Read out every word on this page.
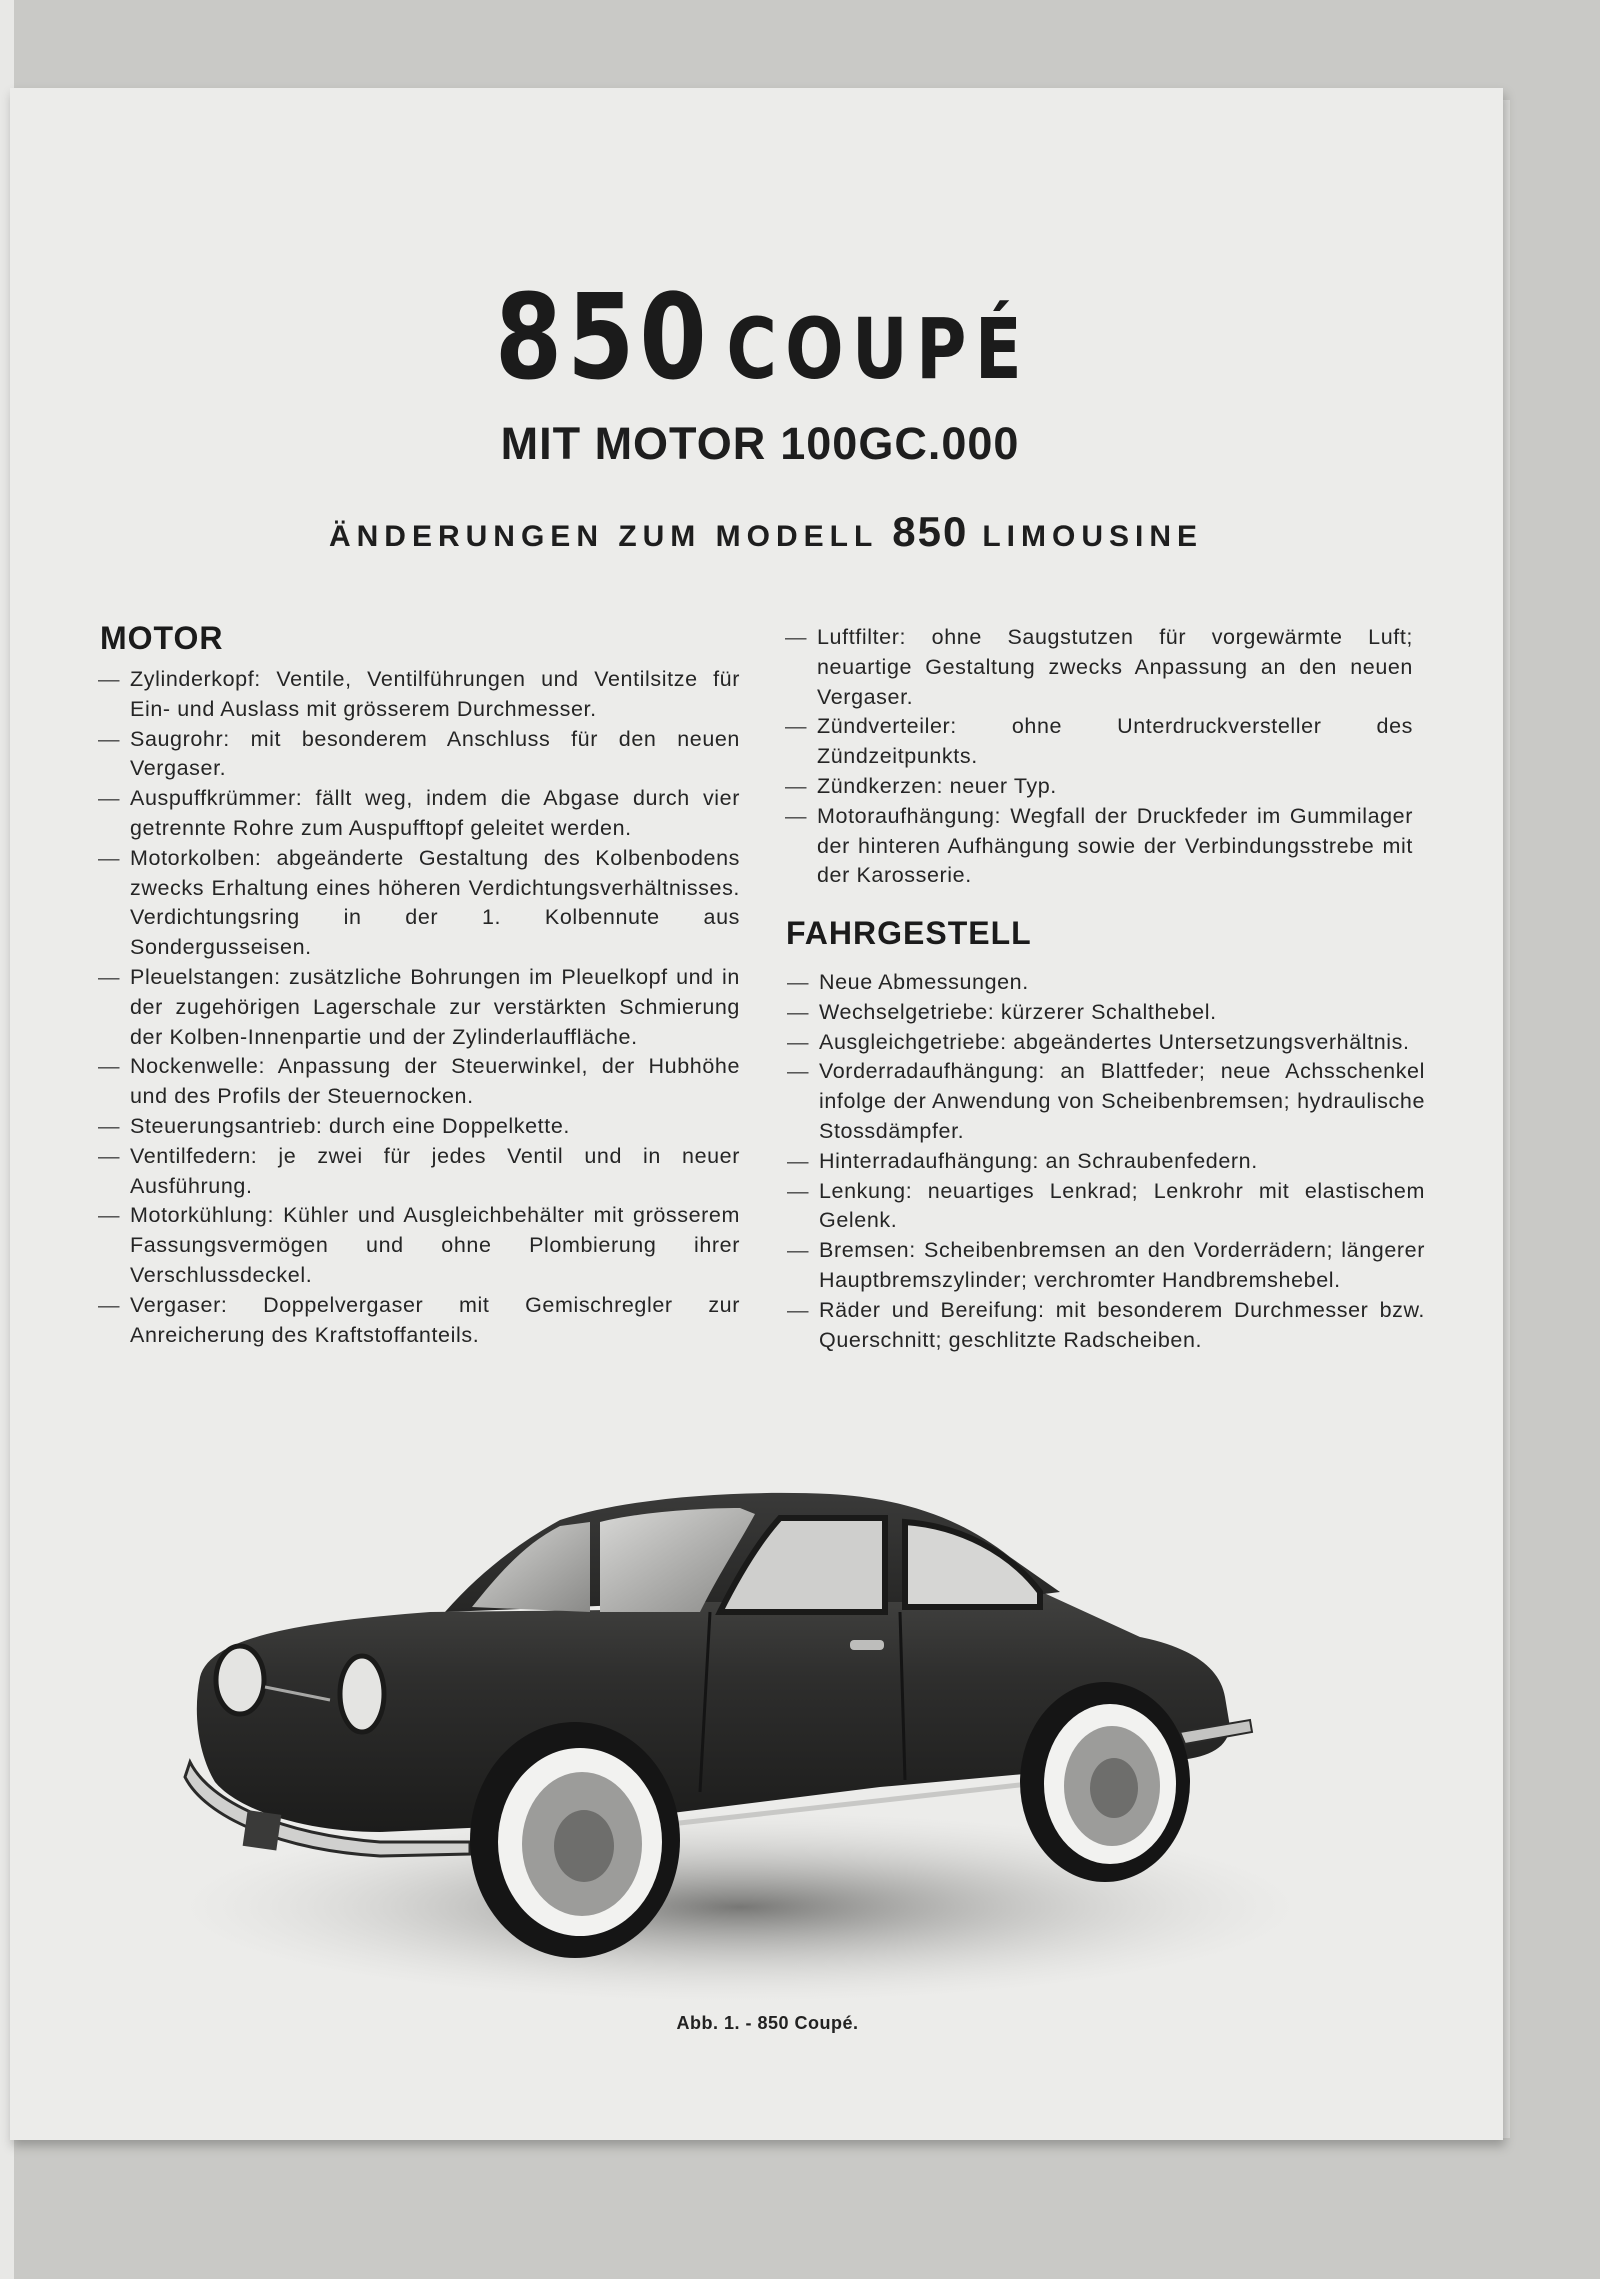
850 COUPÉ
MIT MOTOR 100GC.000
ÄNDERUNGEN ZUM MODELL 850 LIMOUSINE
MOTOR
— Zylinderkopf: Ventile, Ventilführungen und Ventilsitze für Ein- und Auslass mit grösserem Durchmesser.
— Saugrohr: mit besonderem Anschluss für den neuen Vergaser.
— Auspuffkrümmer: fällt weg, indem die Abgase durch vier getrennte Rohre zum Auspufftopf geleitet werden.
— Motorkolben: abgeänderte Gestaltung des Kolbenbodens zwecks Erhaltung eines höheren Verdichtungsverhältnisses. Verdichtungsring in der 1. Kolbennute aus Sondergusseisen.
— Pleuelstangen: zusätzliche Bohrungen im Pleuelkopf und in der zugehörigen Lagerschale zur verstärkten Schmierung der Kolben-Innenpartie und der Zylinderlauffläche.
— Nockenwelle: Anpassung der Steuerwinkel, der Hubhöhe und des Profils der Steuernocken.
— Steuerungsantrieb: durch eine Doppelkette.
— Ventilfedern: je zwei für jedes Ventil und in neuer Ausführung.
— Motorkühlung: Kühler und Ausgleichbehälter mit grösserem Fassungsvermögen und ohne Plombierung ihrer Verschlussdeckel.
— Vergaser: Doppelvergaser mit Gemischregler zur Anreicherung des Kraftstoffanteils.
— Luftfilter: ohne Saugstutzen für vorgewärmte Luft; neuartige Gestaltung zwecks Anpassung an den neuen Vergaser.
— Zündverteiler: ohne Unterdruckversteller des Zündzeitpunkts.
— Zündkerzen: neuer Typ.
— Motoraufhängung: Wegfall der Druckfeder im Gummilager der hinteren Aufhängung sowie der Verbindungsstrebe mit der Karosserie.
FAHRGESTELL
— Neue Abmessungen.
— Wechselgetriebe: kürzerer Schalthebel.
— Ausgleichgetriebe: abgeändertes Untersetzungsverhältnis.
— Vorderradaufhängung: an Blattfeder; neue Achsschenkel infolge der Anwendung von Scheibenbremsen; hydraulische Stossdämpfer.
— Hinterradaufhängung: an Schraubenfedern.
— Lenkung: neuartiges Lenkrad; Lenkrohr mit elastischem Gelenk.
— Bremsen: Scheibenbremsen an den Vorderrädern; längerer Hauptbremszylinder; verchromter Handbremshebel.
— Räder und Bereifung: mit besonderem Durchmesser bzw. Querschnitt; geschlitzte Radscheiben.
Abb. 1. - 850 Coupé.
